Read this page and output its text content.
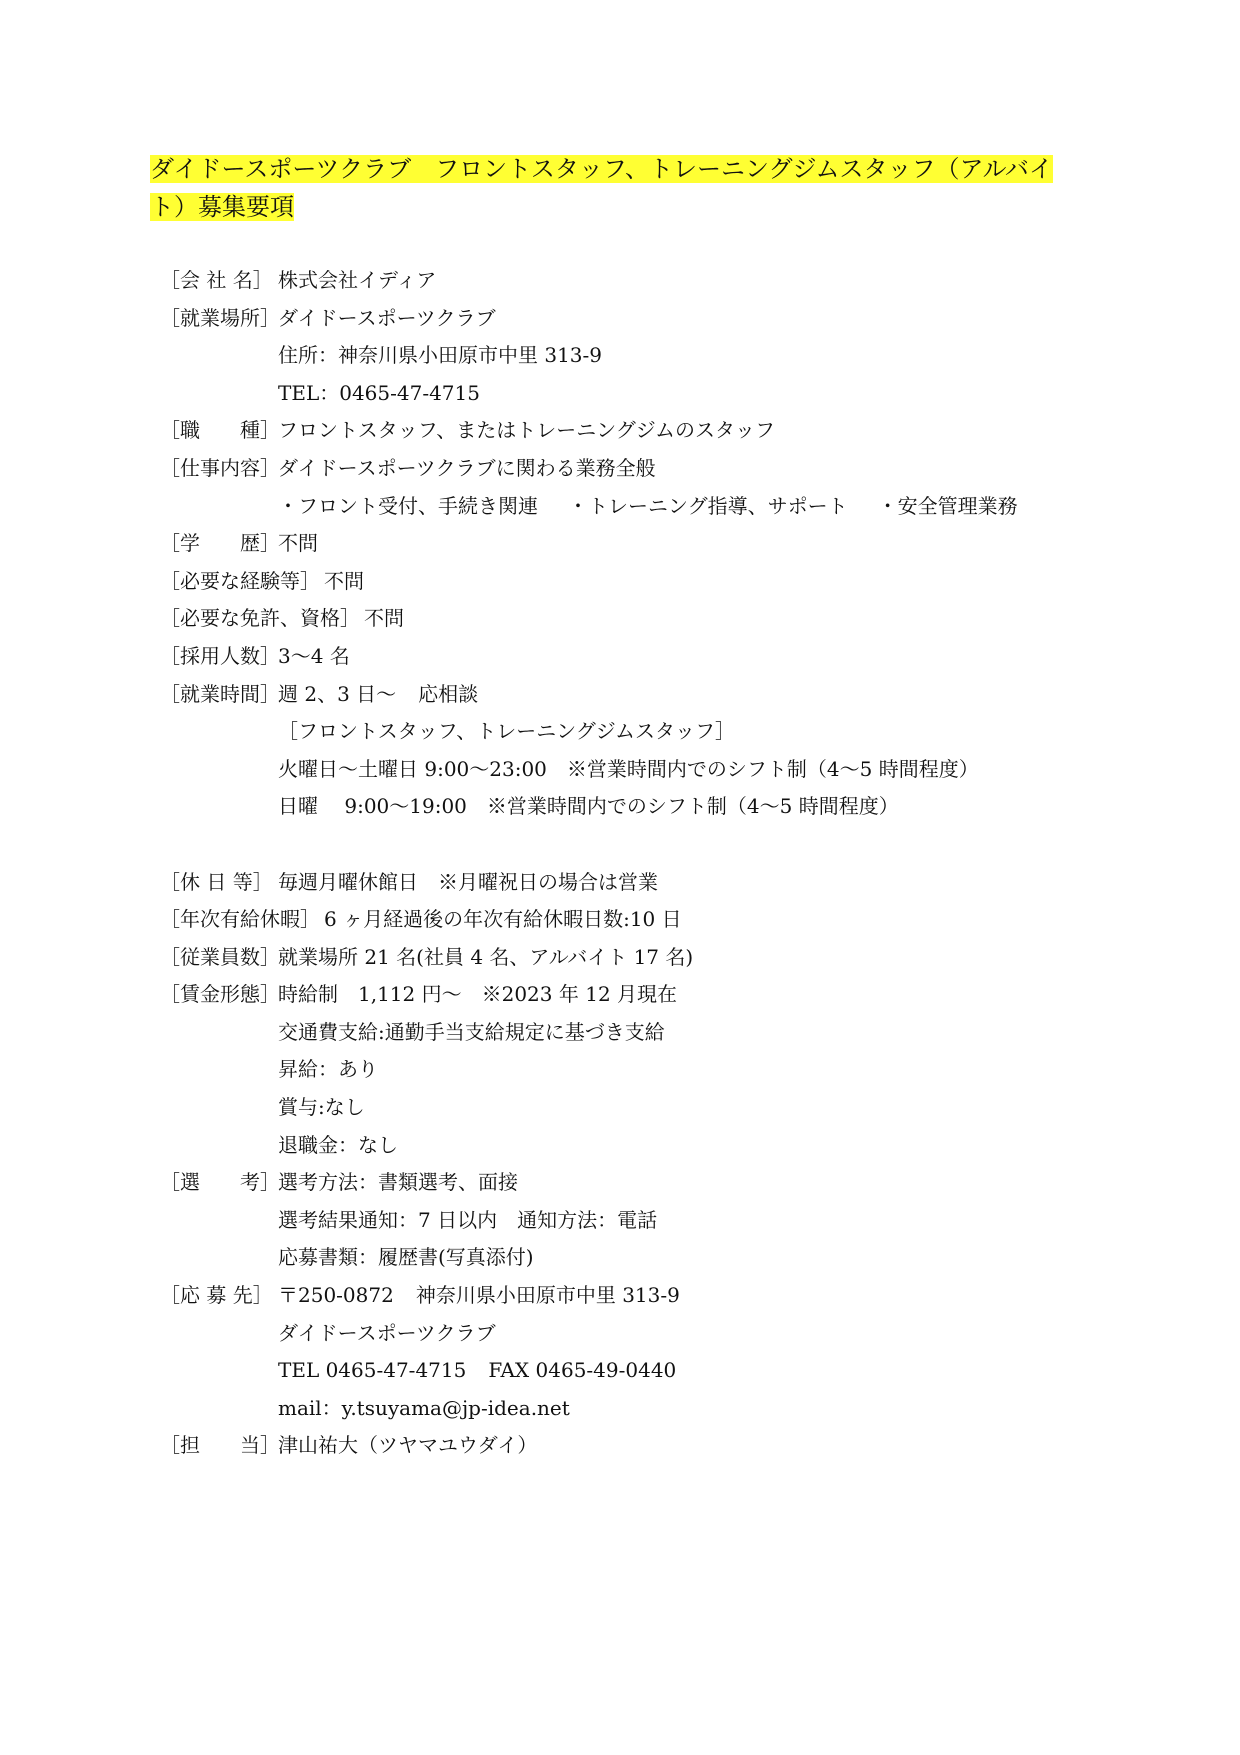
ダイドースポーツクラブ　フロントスタッフ、トレーニングジムスタッフ（アルバイ
ト）募集要項
［会 社 名］ 株式会社イディア
［就業場所］
ダイドースポーツクラブ
住所：神奈川県小田原市中里 313-9
TEL：0465-47-4715
［職　　種］
フロントスタッフ、またはトレーニングジムのスタッフ
［仕事内容］
ダイドースポーツクラブに関わる業務全般
・フロント受付、手続き関連 ・トレーニング指導、サポート ・安全管理業務
［学　　歴］
不問
［必要な経験等］ 不問
［必要な免許、資格］ 不問
［採用人数］
3～4 名
［就業時間］
週 2、3 日～ 応相談
［フロントスタッフ、トレーニングジムスタッフ］
火曜日～土曜日 9:00～23:00　※営業時間内でのシフト制（4～5 時間程度）
日曜　 9:00～19:00　※営業時間内でのシフト制（4～5 時間程度）
［休 日 等］ 毎週月曜休館日　※月曜祝日の場合は営業
［年次有給休暇］ 6 ヶ月経過後の年次有給休暇日数:10 日
［従業員数］
就業場所 21 名(社員 4 名、アルバイト 17 名)
［賃金形態］
時給制　1,112 円～　※2023 年 12 月現在
交通費支給:通勤手当支給規定に基づき支給
昇給：あり
賞与:なし
退職金：なし
［選　　考］
選考方法：書類選考、面接
選考結果通知：7 日以内　通知方法：電話
応募書類：履歴書(写真添付)
［応 募 先］ 〒250-0872 神奈川県小田原市中里 313-9
ダイドースポーツクラブ
TEL 0465-47-4715 FAX 0465-49-0440
mail：y.tsuyama@jp-idea.net
［担　　当］
津山祐大（ツヤマユウダイ）
